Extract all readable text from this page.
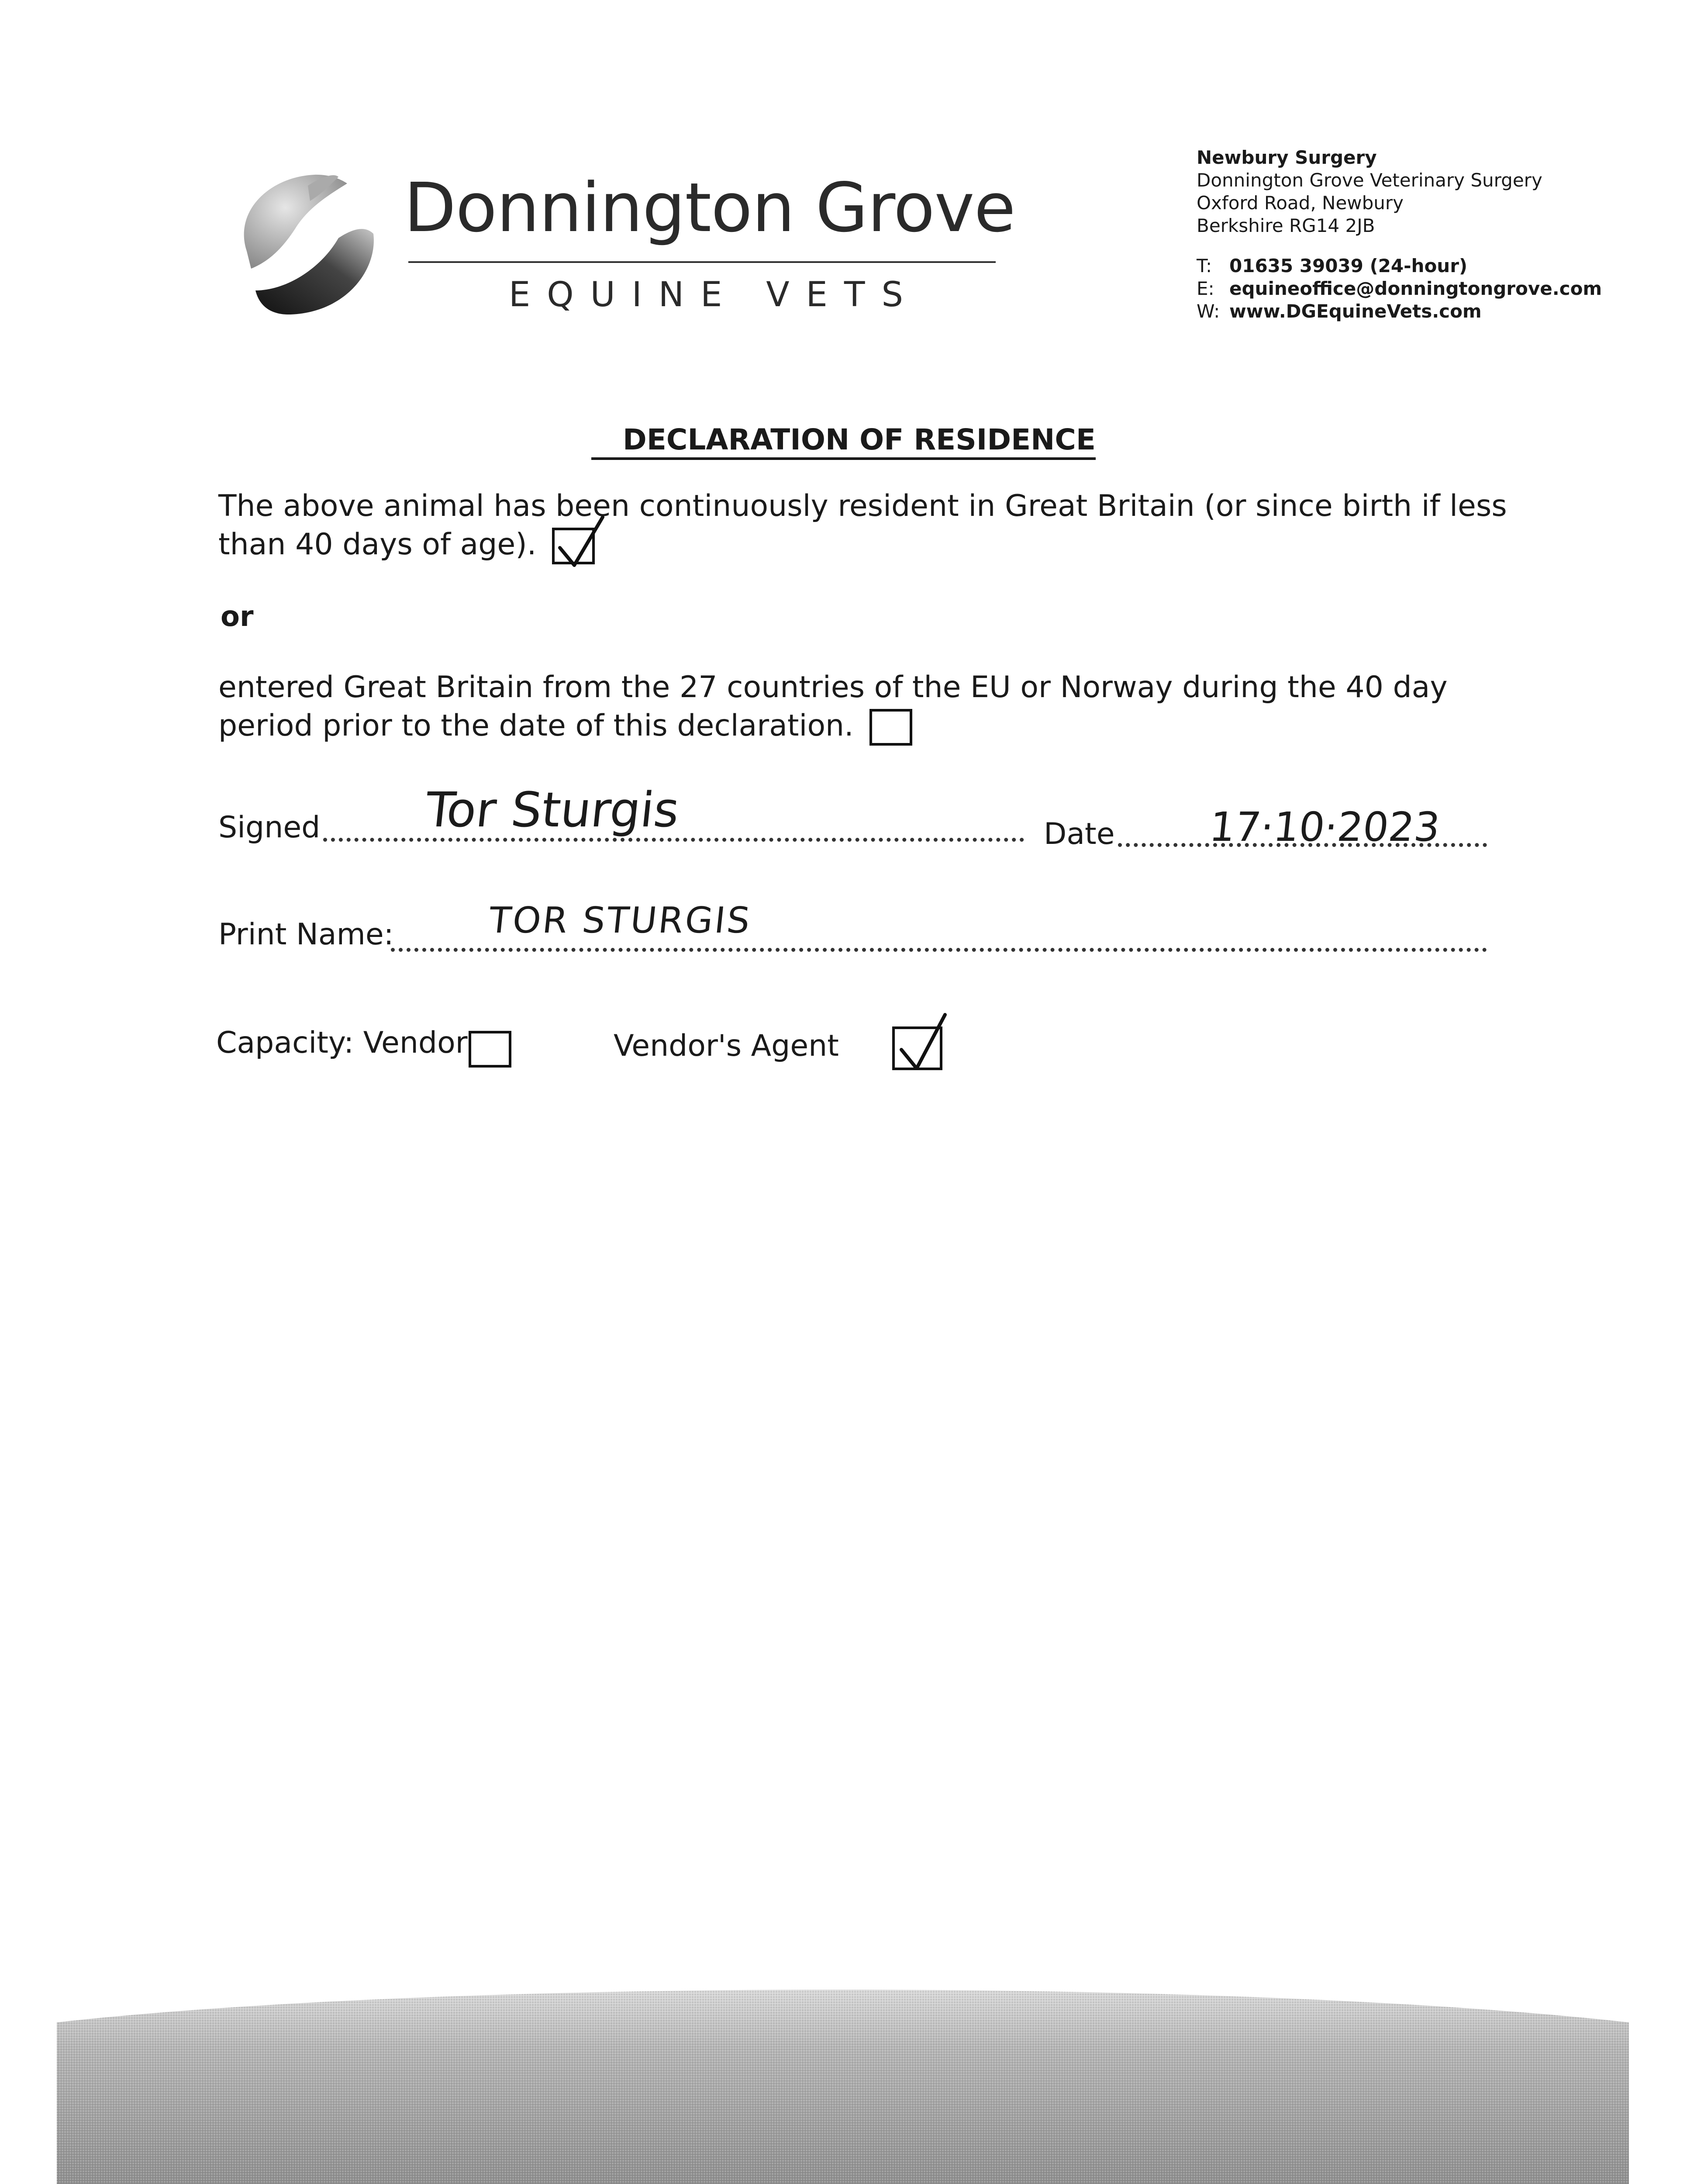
Donnington Grove
EQUINE VETS
Newbury Surgery
Donnington Grove Veterinary Surgery
Oxford Road, Newbury
Berkshire RG14 2JB
T: 01635 39039 (24-hour)
E: equineoffice@donningtongrove.com
W: www.DGEquineVets.com
DECLARATION OF RESIDENCE
The above animal has been continuously resident in Great Britain (or since birth if less than 40 days of age).
or
entered Great Britain from the 27 countries of the EU or Norway during the 40 day period prior to the date of this declaration.
Signed Tor Sturgis	Date 17·10·2023
Print Name:	TOR STURGIS
Capacity: Vendor
	Vendor's Agent
